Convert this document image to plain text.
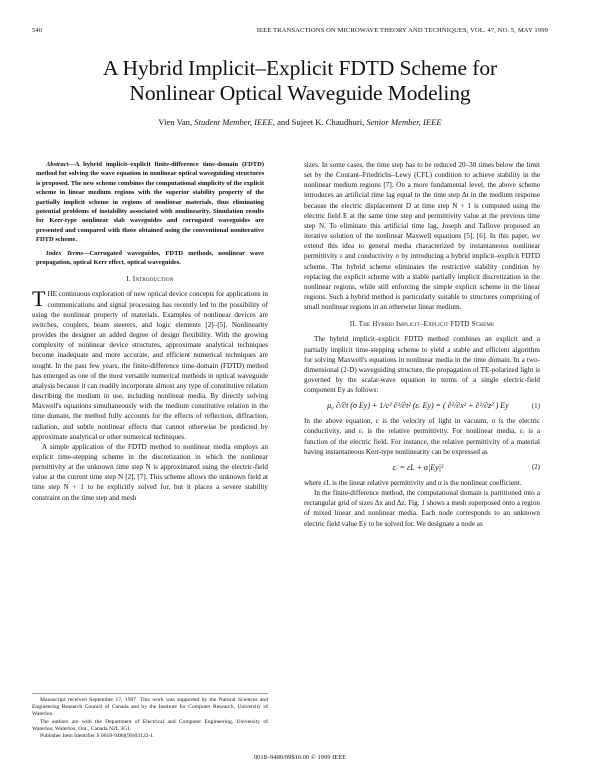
540	IEEE TRANSACTIONS ON MICROWAVE THEORY AND TECHNIQUES, VOL. 47, NO. 5, MAY 1999
A Hybrid Implicit–Explicit FDTD Scheme for
Nonlinear Optical Waveguide Modeling
Vien Van, Student Member, IEEE, and Sujeet K. Chaudhuri, Senior Member, IEEE

Abstract—A hybrid implicit–explicit finite-difference time-domain (FDTD) method for solving the wave equation in nonlinear optical waveguiding structures is proposed. The new scheme combines the computational simplicity of the explicit scheme in linear medium regions with the superior stability property of the partially implicit scheme in regions of nonlinear materials, thus eliminating potential problems of instability associated with nonlinearity. Simulation results for Kerr-type nonlinear slab waveguides and corrugated waveguides are presented and compared with those obtained using the conventional noniterative FDTD scheme.

Index Terms—Corrugated waveguides, FDTD methods, nonlinear wave propagation, optical Kerr effect, optical waveguides.

I. Introduction

THE continuous exploration of new optical device concepts for applications in communications and signal processing has recently led to the possibility of using the nonlinear property of materials. Examples of nonlinear devices are switches, couplers, beam steerers, and logic elements [2]–[5]. Nonlinearity provides the designer an added degree of design flexibility. With the growing complexity of nonlinear device structures, approximate analytical techniques become inadequate and more accurate, and efficient numerical techniques are sought. In the past few years, the finite-difference time-domain (FDTD) method has emerged as one of the most versatile numerical methods in optical waveguide analysis because it can readily incorporate almost any type of constitutive relation describing the medium in use, including nonlinear media. By directly solving Maxwell's equations simultaneously with the medium constitutive relation in the time domain, the method fully accounts for the effects of reflection, diffraction, radiation, and subtle nonlinear effects that cannot otherwise be predicted by approximate analytical or other numerical techniques.

A simple application of the FDTD method to nonlinear media employs an explicit time-stepping scheme in the discretization in which the nonlinear permittivity at the unknown time step N is approximated using the electric-field value at the current time step N [2], [7]. This scheme allows the unknown field at time step N + 1 to be explicitly solved for, but it places a severe stability constraint on the time step and mesh

sizes. In some cases, the time step has to be reduced 20–30 times below the limit set by the Courant–Friedrichs–Lewy (CFL) condition to achieve stability in the nonlinear medium regions [7]. On a more fundamental level, the above scheme introduces an artificial time lag equal to the time step Δt in the medium response because the electric displacement D at time step N + 1 is computed using the electric field E at the same time step and permittivity value at the previous time step N. To eliminate this artificial time lag, Joseph and Taflove proposed an iterative solution of the nonlinear Maxwell equations [5], [6]. In this paper, we extend this idea to general media characterized by instantaneous nonlinear permittivity ε and conductivity σ by introducing a hybrid implicit–explicit FDTD scheme. The hybrid scheme eliminates the restrictive stability condition by replacing the explicit scheme with a stable partially implicit discretization in the nonlinear regions, while still enforcing the simple explicit scheme in the linear regions. Such a hybrid method is particularly suitable to structures comprising of small nonlinear regions in an otherwise linear medium.

II. The Hybrid Implicit–Explicit FDTD Scheme

The hybrid implicit–explicit FDTD method combines an explicit and a partially implicit time-stepping scheme to yield a stable and efficient algorithm for solving Maxwell's equations in nonlinear media in the time domain. In a two-dimensional (2-D) waveguiding structure, the propagation of TE-polarized light is governed by the scalar-wave equation in terms of a single electric-field component Ey as follows:

μ₀ ∂/∂t (σ Ey) + 1/c² ∂²/∂t² (εᵣ Ey) = ( ∂²/∂x² + ∂²/∂z² ) Ey	(1)

In the above equation, c is the velocity of light in vacuum, σ is the electric conductivity, and εᵣ is the relative permittivity. For nonlinear media, εᵣ is a function of the electric field. For instance, the relative permittivity of a material having instantaneous Kerr-type nonlinearity can be expressed as

εᵣ = εL + α|Ey|²	(2)

where εL is the linear relative permittivity and α is the nonlinear coefficient.

In the finite-difference method, the computational domain is partitioned into a rectangular grid of sizes Δx and Δz. Fig. 1 shows a mesh superposed onto a region of mixed linear and nonlinear media. Each node corresponds to an unknown electric field value Ey to be solved for. We designate a node as

Manuscript received September 17, 1997. This work was supported by the Natural Sciences and Engineering Research Council of Canada and by the Institute for Computer Research, University of Waterloo.

The authors are with the Department of Electrical and Computer Engineering, University of Waterloo, Waterloo, Ont., Canada N2L 3G1.

Publisher Item Identifier S 0018-9480(99)03122-1.

0018–9480/99$10.00 © 1999 IEEE
